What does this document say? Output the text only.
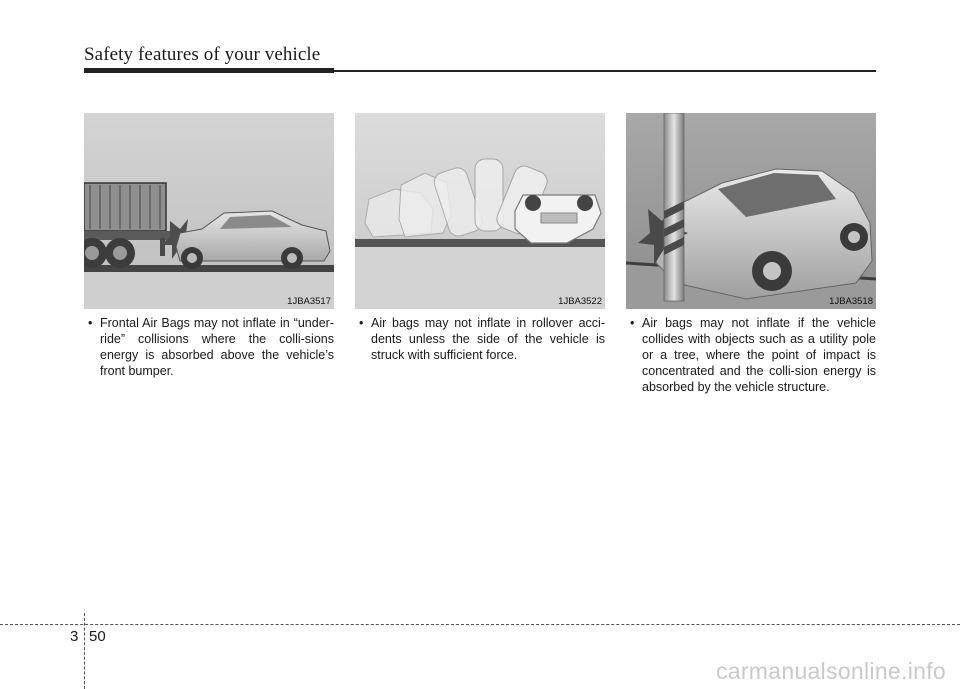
Safety features of your vehicle
1JBA3517	1JBA3522	1JBA3518
• Frontal Air Bags may not inflate in “under-ride” collisions where the colli-sions energy is absorbed above the vehicle’s front bumper.
• Air bags may not inflate in rollover acci-dents unless the side of the vehicle is struck with sufficient force.
• Air bags may not inflate if the vehicle collides with objects such as a utility pole or a tree, where the point of impact is concentrated and the colli-sion energy is absorbed by the vehicle structure.
3 50
carmanualsonline.info
